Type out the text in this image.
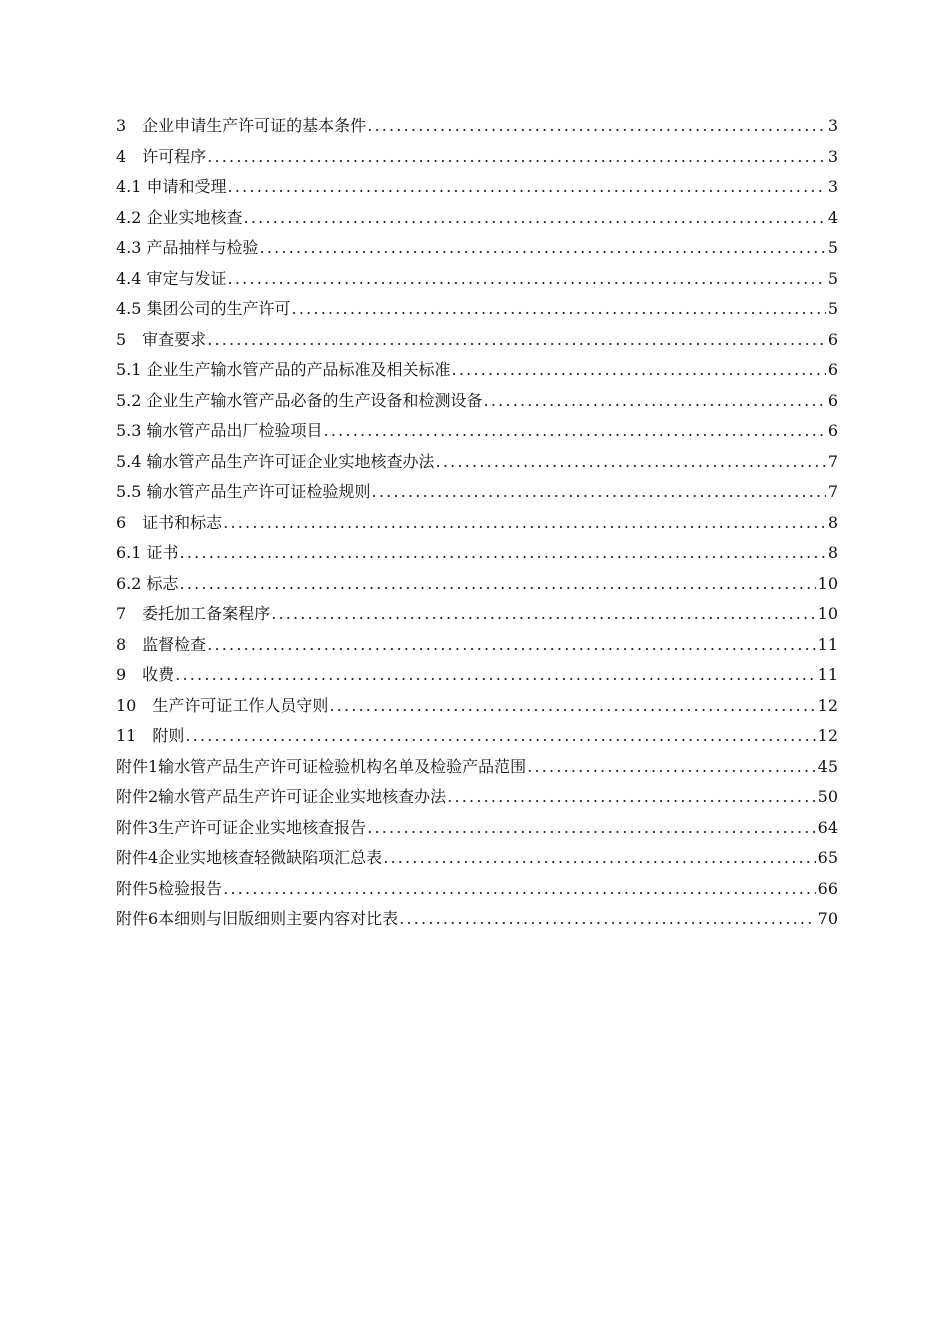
3　企业申请生产许可证的基本条件 .....	3
4　许可程序 .....	3
4.1 申请和受理 .....	3
4.2 企业实地核查 .....	4
4.3 产品抽样与检验 .....	5
4.4 审定与发证 .....	5
4.5 集团公司的生产许可 .....	5
5　审查要求 .....	6
5.1 企业生产输水管产品的产品标准及相关标准 .....	6
5.2 企业生产输水管产品必备的生产设备和检测设备 .....	6
5.3 输水管产品出厂检验项目 .....	6
5.4 输水管产品生产许可证企业实地核查办法 .....	7
5.5 输水管产品生产许可证检验规则 .....	7
6　证书和标志 .....	8
6.1 证书 .....	8
6.2 标志 .....	10
7　委托加工备案程序 .....	10
8　监督检查 .....	11
9　收费 .....	11
10　生产许可证工作人员守则 .....	12
11　附则 .....	12
附件1输水管产品生产许可证检验机构名单及检验产品范围 .....	45
附件2输水管产品生产许可证企业实地核查办法 .....	50
附件3生产许可证企业实地核查报告 .....	64
附件4企业实地核查轻微缺陷项汇总表 .....	65
附件5检验报告 .....	66
附件6本细则与旧版细则主要内容对比表 .....	70
